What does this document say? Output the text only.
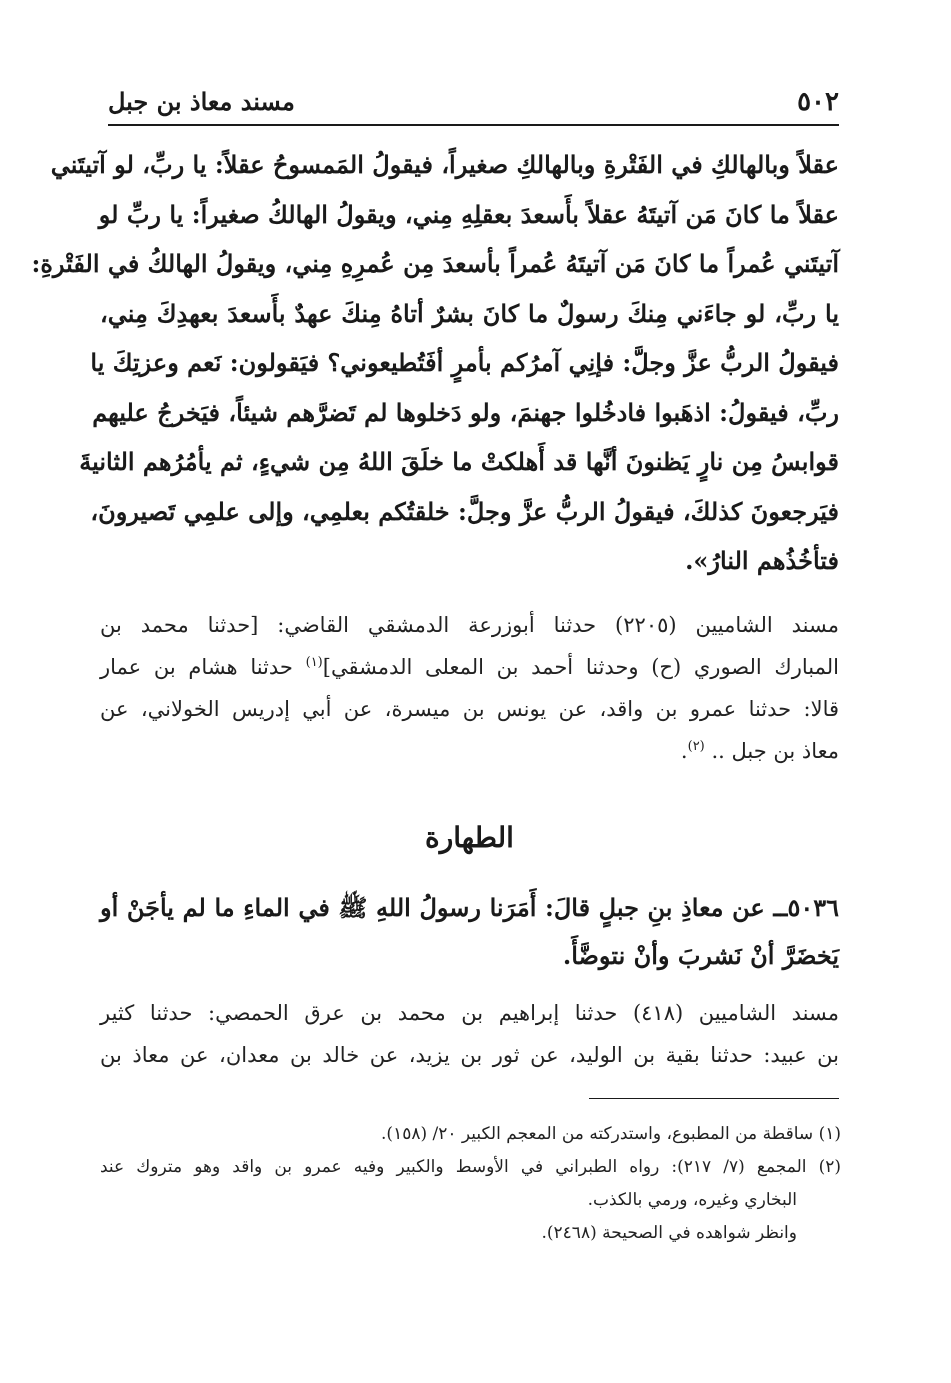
٥٠٢
مسند معاذ بن جبل
عقلاً وبالهالكِ في الفَتْرةِ وبالهالكِ صغيراً، فيقولُ المَمسوحُ عقلاً: يا ربِّ، لو آتيتَني
عقلاً ما كانَ مَن آتيتَهُ عقلاً بأَسعدَ بعقلِهِ مِني، ويقولُ الهالكُ صغيراً: يا ربِّ لو
آتيتَني عُمراً ما كانَ مَن آتيتَهُ عُمراً بأسعدَ مِن عُمرِهِ مِني، ويقولُ الهالكُ في الفَتْرةِ:
يا ربِّ، لو جاءَني مِنكَ رسولٌ ما كانَ بشرٌ أتاهُ مِنكَ عهدٌ بأَسعدَ بعهدِكَ مِني،
فيقولُ الربُّ عزَّ وجلَّ: فإنِي آمرُكم بأمرٍ أفَتُطيعوني؟ فيَقولون: نَعم وعزتِكَ يا
ربِّ، فيقولُ: اذهَبوا فادخُلوا جهنمَ، ولو دَخلوها لم تَضرَّهم شيئاً، فيَخرجُ عليهم
قوابسُ مِن نارٍ يَظنونَ أنَّها قد أَهلكتْ ما خلَقَ اللهُ مِن شيءٍ، ثم يأمُرُهم الثانيةَ
فيَرجعونَ كذلكَ، فيقولُ الربُّ عزَّ وجلَّ: خلقتُكم بعلمِي، وإلى علمِي تَصيرونَ،
فتأخُذُهم النارُ».
مسند الشاميين (٢٢٠٥) حدثنا أبوزرعة الدمشقي القاضي: [حدثنا محمد بن
المبارك الصوري (ح) وحدثنا أحمد بن المعلى الدمشقي]$^{(١)}$ حدثنا هشام بن عمار
قالا: حدثنا عمرو بن واقد، عن يونس بن ميسرة، عن أبي إدريس الخولاني، عن
معاذ بن جبل .. $^{(٢)}$.
الطهارة
٥٠٣٦ــ عن معاذِ بنِ جبلٍ قالَ: أَمَرَنا رسولُ اللهِ ﷺ في الماءِ ما لم يأجَنْ أو
يَخضَرَّ أنْ نَشربَ وأنْ نتوضَّأَ.
مسند الشاميين (٤١٨) حدثنا إبراهيم بن محمد بن عرق الحمصي: حدثنا كثير
بن عبيد: حدثنا بقية بن الوليد، عن ثور بن يزيد، عن خالد بن معدان، عن معاذ بن
(١) ساقطة من المطبوع، واستدركته من المعجم الكبير ٢٠/ (١٥٨).
(٢) المجمع (٧/ ٢١٧): رواه الطبراني في الأوسط والكبير وفيه عمرو بن واقد وهو متروك عند
البخاري وغيره، ورمي بالكذب.
وانظر شواهده في الصحيحة (٢٤٦٨).
